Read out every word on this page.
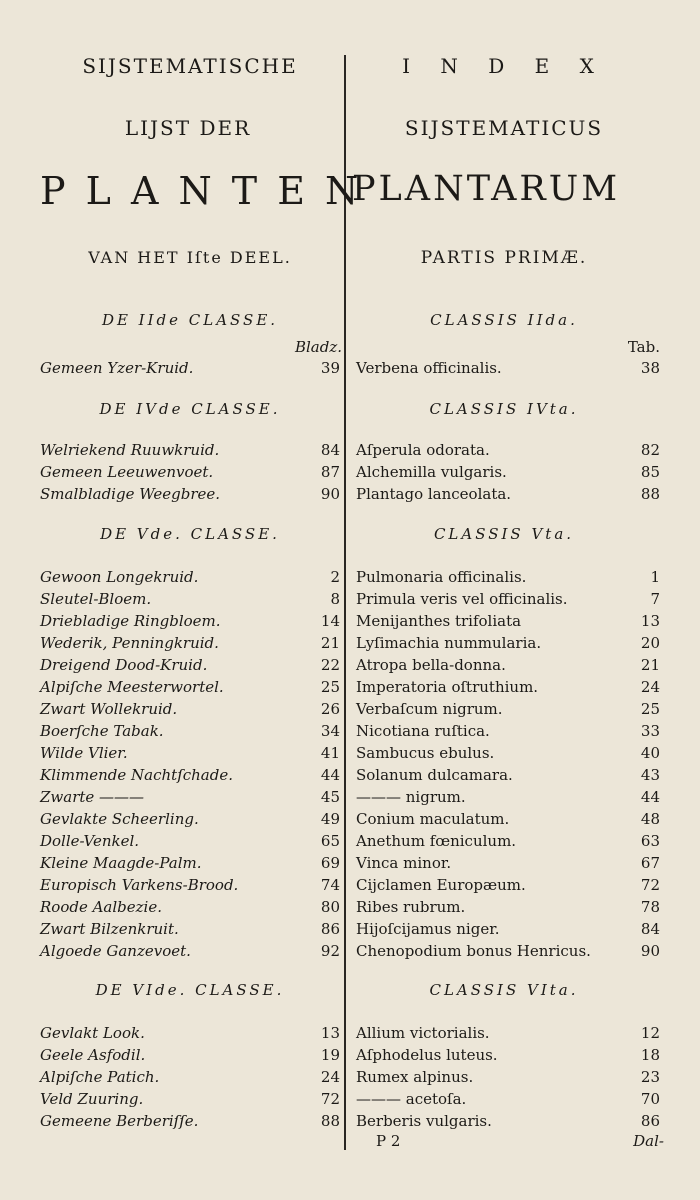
SIJSTEMATISCHE
LIJST DER
P L A N T E N
VAN HET Iſte DEEL.
I N D E X
SIJSTEMATICUS
PLANTARUM
PARTIS PRIMÆ.
DE IIde CLASSE.	CLASSIS IIda.
Bladz.	Tab.
Gemeen Yzer-Kruid.	39 Verbena officinalis.	38
DE IVde CLASSE.	CLASSIS IVta.
Welriekend Ruuwkruid.	84 Aſperula odorata.	82
Gemeen Leeuwenvoet.	87 Alchemilla vulgaris.	85
Smalbladige Weegbree.	90 Plantago lanceolata.	88
DE Vde. CLASSE.	CLASSIS Vta.
Gewoon Longekruid.	2 Pulmonaria officinalis.	1
Sleutel-Bloem.	8 Primula veris vel officinalis.	7
Driebladige Ringbloem.	14 Menijanthes trifoliata	13
Wederik, Penningkruid.	21 Lyſimachia nummularia.	20
Dreigend Dood-Kruid.	22 Atropa bella-donna.	21
Alpiſche Meesterwortel.	25 Imperatoria oſtruthium.	24
Zwart Wollekruid.	26 Verbaſcum nigrum.	25
Boerſche Tabak.	34 Nicotiana ruſtica.	33
Wilde Vlier.	41 Sambucus ebulus.	40
Klimmende Nachtſchade.	44 Solanum dulcamara.	43
Zwarte ———	45 ——— nigrum.	44
Gevlakte Scheerling.	49 Conium maculatum.	48
Dolle-Venkel.	65 Anethum fœniculum.	63
Kleine Maagde-Palm.	69 Vinca minor.	67
Europisch Varkens-Brood.	74 Cijclamen Europæum.	72
Roode Aalbezie.	80 Ribes rubrum.	78
Zwart Bilzenkruit.	86 Hijoſcijamus niger.	84
Algoede Ganzevoet.	92 Chenopodium bonus Henricus.	90
DE VIde. CLASSE.	CLASSIS VIta.
Gevlakt Look.	13 Allium victorialis.	12
Geele Asfodil.	19 Aſphodelus luteus.	18
Alpiſche Patich.	24 Rumex alpinus.	23
Veld Zuuring.	72 ——— acetoſa.	70
Gemeene Berberiſſe.	88 Berberis vulgaris.	86
P 2	Dal-
